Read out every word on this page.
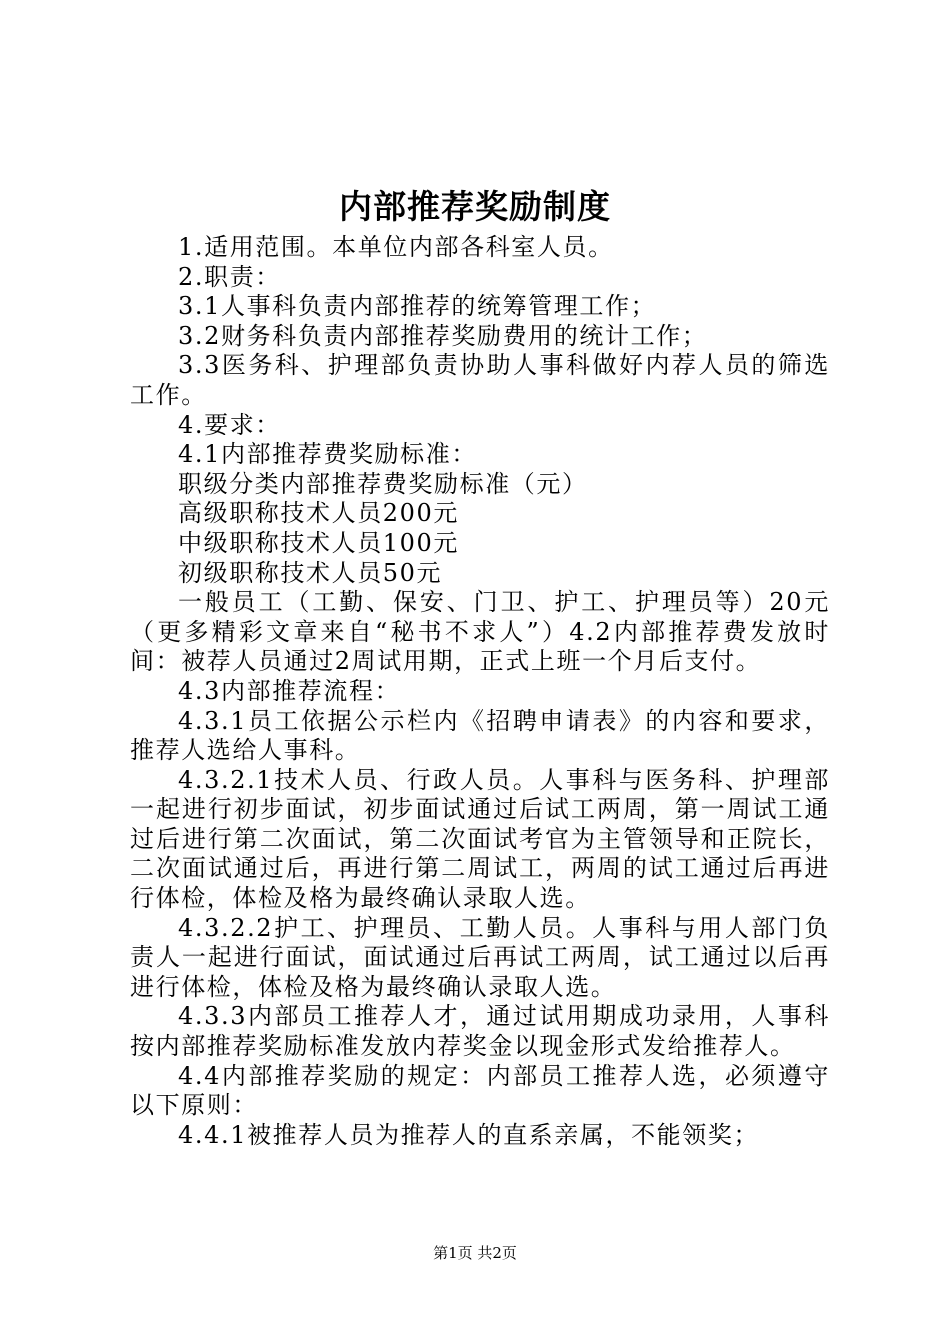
内部推荐奖励制度

1.适用范围。本单位内部各科室人员。

2.职责：

3.1人事科负责内部推荐的统筹管理工作；

3.2财务科负责内部推荐奖励费用的统计工作；

3.3医务科、护理部负责协助人事科做好内荐人员的筛选工作。

4.要求：

4.1内部推荐费奖励标准：

职级分类内部推荐费奖励标准（元）

高级职称技术人员200元

中级职称技术人员100元

初级职称技术人员50元

一般员工（工勤、保安、门卫、护工、护理员等）20元（更多精彩文章来自“秘书不求人”）4.2内部推荐费发放时间：被荐人员通过2周试用期，正式上班一个月后支付。

4.3内部推荐流程：

4.3.1员工依据公示栏内《招聘申请表》的内容和要求，推荐人选给人事科。

4.3.2.1技术人员、行政人员。人事科与医务科、护理部一起进行初步面试，初步面试通过后试工两周，第一周试工通过后进行第二次面试，第二次面试考官为主管领导和正院长，二次面试通过后，再进行第二周试工，两周的试工通过后再进行体检，体检及格为最终确认录取人选。

4.3.2.2护工、护理员、工勤人员。人事科与用人部门负责人一起进行面试，面试通过后再试工两周，试工通过以后再进行体检，体检及格为最终确认录取人选。

4.3.3内部员工推荐人才，通过试用期成功录用，人事科按内部推荐奖励标准发放内荐奖金以现金形式发给推荐人。

4.4内部推荐奖励的规定：内部员工推荐人选，必须遵守以下原则：

4.4.1被推荐人员为推荐人的直系亲属，不能领奖；

第1页 共2页
